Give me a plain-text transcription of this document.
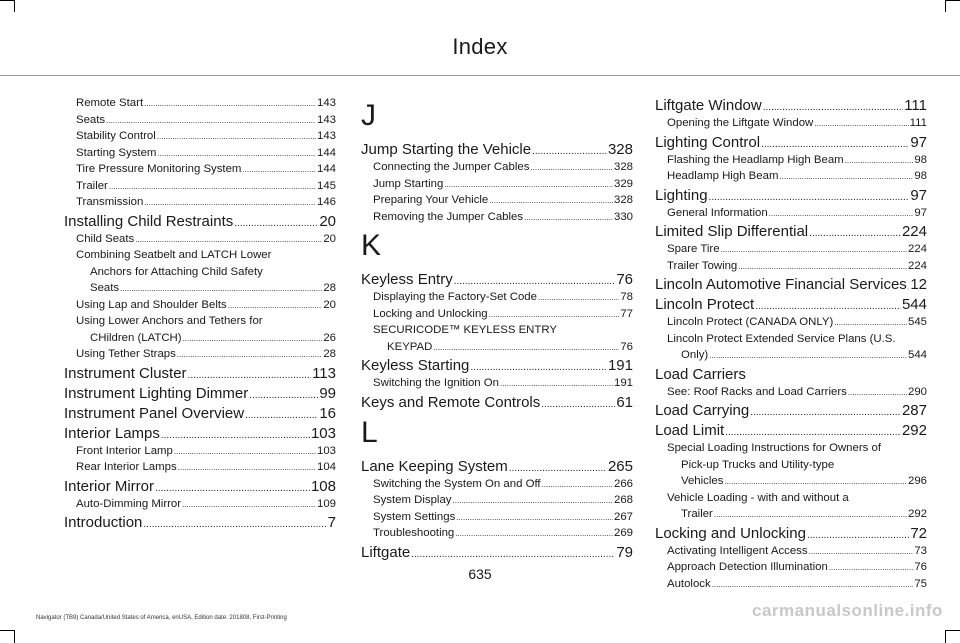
Index
Remote Start .....	143
Seats .....	143
Stability Control .....	143
Starting System .....	144
Tire Pressure Monitoring System .....	144
Trailer .....	145
Transmission .....	146
Installing Child Restraints .....	20
Child Seats .....	20
Combining Seatbelt and LATCH Lower
Anchors for Attaching Child Safety
Seats .....	28
Using Lap and Shoulder Belts .....	20
Using Lower Anchors and Tethers for
CHildren (LATCH) .....	26
Using Tether Straps .....	28
Instrument Cluster .....	113
Instrument Lighting Dimmer .....	99
Instrument Panel Overview .....	16
Interior Lamps .....	103
Front Interior Lamp .....	103
Rear Interior Lamps .....	104
Interior Mirror .....	108
Auto-Dimming Mirror .....	109
Introduction .....	7
J
Jump Starting the Vehicle .....	328
Connecting the Jumper Cables .....	328
Jump Starting .....	329
Preparing Your Vehicle .....	328
Removing the Jumper Cables .....	330
K
Keyless Entry .....	76
Displaying the Factory-Set Code .....	78
Locking and Unlocking .....	77
SECURICODE™ KEYLESS ENTRY
KEYPAD .....	76
Keyless Starting .....	191
Switching the Ignition On .....	191
Keys and Remote Controls .....	61
L
Lane Keeping System .....	265
Switching the System On and Off .....	266
System Display .....	268
System Settings .....	267
Troubleshooting .....	269
Liftgate .....	79
Liftgate Window .....	111
Opening the Liftgate Window .....	111
Lighting Control .....	97
Flashing the Headlamp High Beam .....	98
Headlamp High Beam .....	98
Lighting .....	97
General Information .....	97
Limited Slip Differential .....	224
Spare Tire .....	224
Trailer Towing .....	224
Lincoln Automotive Financial Services ..... 12
Lincoln Protect .....	544
Lincoln Protect (CANADA ONLY) .....	545
Lincoln Protect Extended Service Plans (U.S.
Only) .....	544
Load Carriers
See: Roof Racks and Load Carriers .....	290
Load Carrying .....	287
Load Limit .....	292
Special Loading Instructions for Owners of
Pick-up Trucks and Utility-type
Vehicles .....	296
Vehicle Loading - with and without a
Trailer .....	292
Locking and Unlocking .....	72
Activating Intelligent Access .....	73
Approach Detection Illumination .....	76
Autolock .....	75
635
Navigator (TB9) Canada/United States of America, enUSA, Edition date: 201808, First-Printing	carmanualsonline.info
